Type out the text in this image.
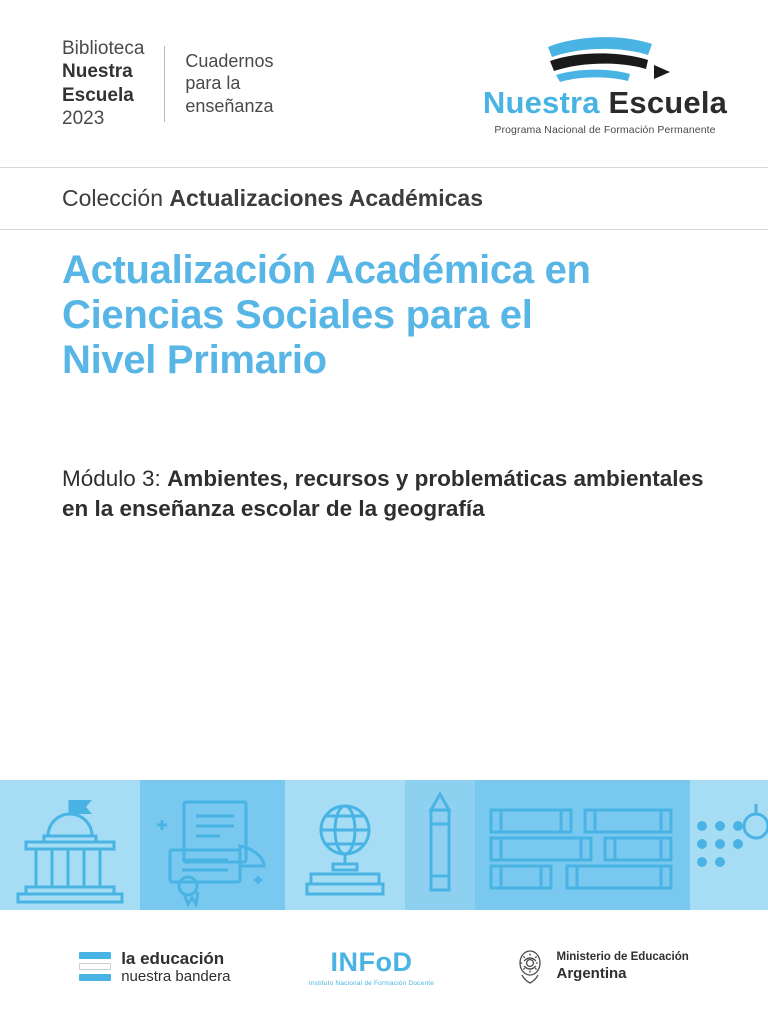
Biblioteca
Nuestra
Escuela
2023
Cuadernos
para la
enseñanza	Nuestra Escuela
Programa Nacional de Formación Permanente
Colección Actualizaciones Académicas
Actualización Académica en
Ciencias Sociales para el
Nivel Primario
Módulo 3: Ambientes, recursos y problemáticas ambientales en la enseñanza escolar de la geografía
la educación
nuestra bandera	INFoD
Instituto Nacional de Formación Docente
Ministerio de Educación
Argentina
